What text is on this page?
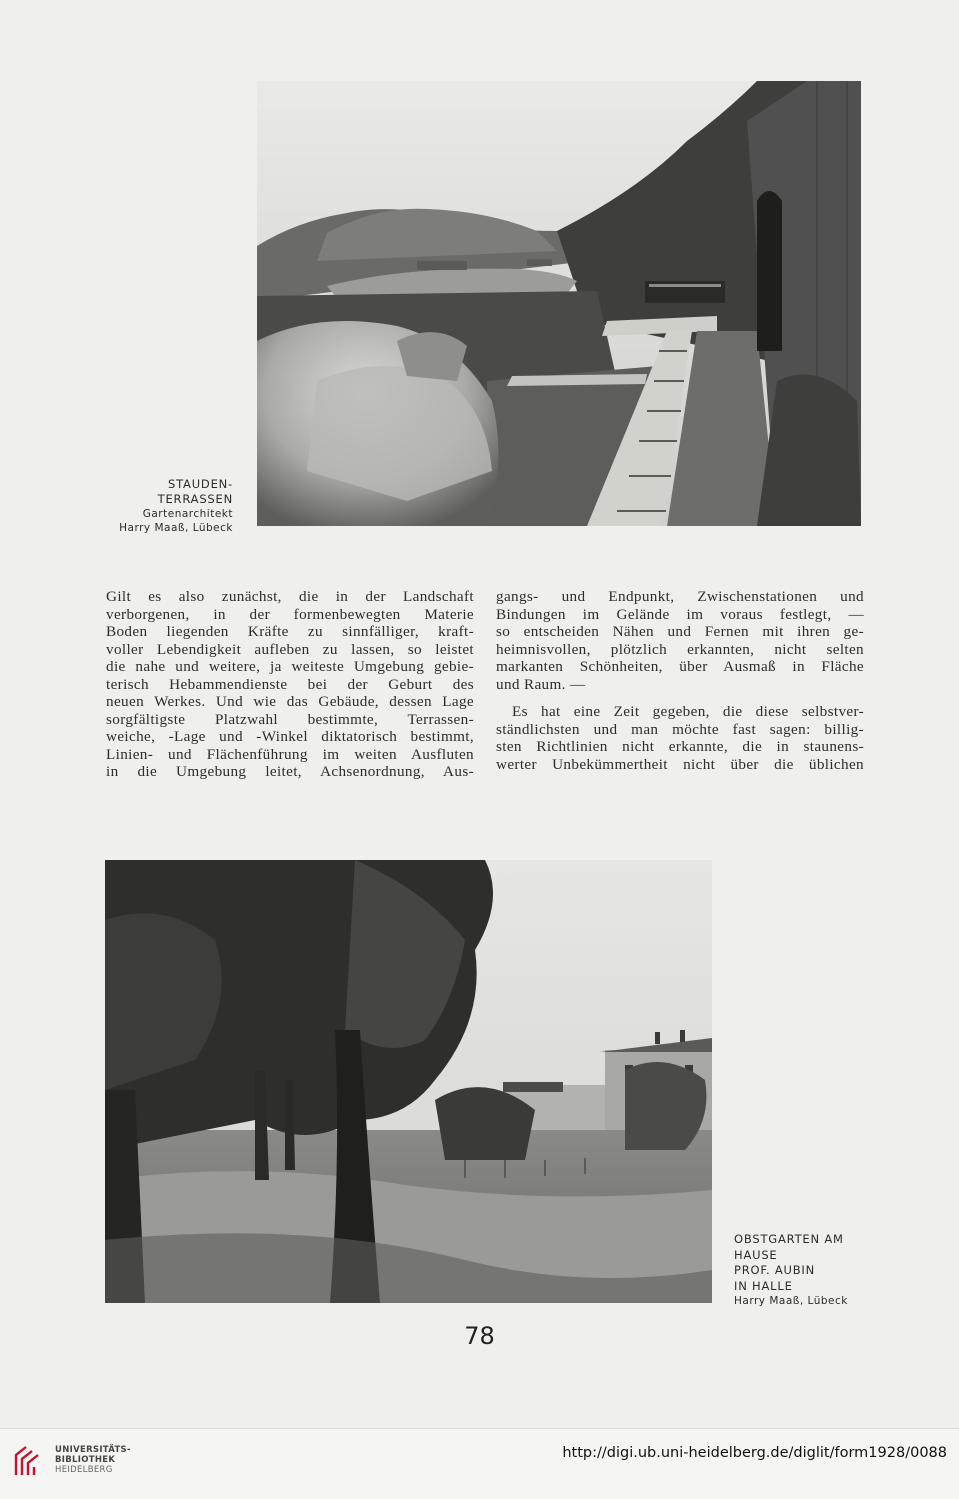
STAUDEN-
TERRASSEN
Gartenarchitekt
Harry Maaß, Lübeck

Gilt es also zunächst, die in der Landschaft
verborgenen, in der formenbewegten Materie
Boden liegenden Kräfte zu sinnfälliger, kraft-
voller Lebendigkeit aufleben zu lassen, so leistet
die nahe und weitere, ja weiteste Umgebung gebie-
terisch Hebammendienste bei der Geburt des
neuen Werkes. Und wie das Gebäude, dessen Lage
sorgfältigste Platzwahl bestimmte, Terrassen-
weiche, -Lage und -Winkel diktatorisch bestimmt,
Linien- und Flächenführung im weiten Ausfluten
in die Umgebung leitet, Achsenordnung, Aus-

gangs- und Endpunkt, Zwischenstationen und
Bindungen im Gelände im voraus festlegt, —
so entscheiden Nähen und Fernen mit ihren ge-
heimnisvollen, plötzlich erkannten, nicht selten
markanten Schönheiten, über Ausmaß in Fläche
und Raum. —

Es hat eine Zeit gegeben, die diese selbstver-
ständlichsten und man möchte fast sagen: billig-
sten Richtlinien nicht erkannte, die in staunens-
werter Unbekümmertheit nicht über die üblichen

OBSTGARTEN AM
HAUSE
PROF. AUBIN
IN HALLE
Harry Maaß, Lübeck
78
UNIVERSITÄTS-
BIBLIOTHEK
HEIDELBERG
http://digi.ub.uni-heidelberg.de/diglit/form1928/0088
